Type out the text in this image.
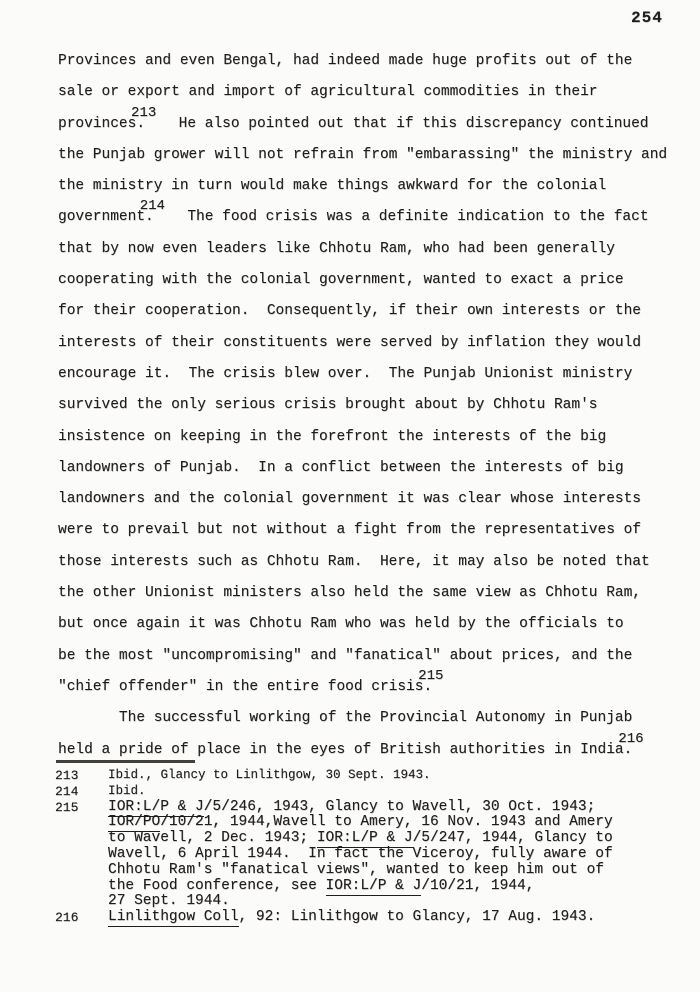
254
Provinces and even Bengal, had indeed made huge profits out of the
sale or export and import of agricultural commodities in their
provinces.213  He also pointed out that if this discrepancy continued
the Punjab grower will not refrain from "embarassing" the ministry and
the ministry in turn would make things awkward for the colonial
government.214  The food crisis was a definite indication to the fact
that by now even leaders like Chhotu Ram, who had been generally
cooperating with the colonial government, wanted to exact a price
for their cooperation.  Consequently, if their own interests or the
interests of their constituents were served by inflation they would
encourage it.  The crisis blew over.  The Punjab Unionist ministry
survived the only serious crisis brought about by Chhotu Ram's
insistence on keeping in the forefront the interests of the big
landowners of Punjab.  In a conflict between the interests of big
landowners and the colonial government it was clear whose interests
were to prevail but not without a fight from the representatives of
those interests such as Chhotu Ram.  Here, it may also be noted that
the other Unionist ministers also held the same view as Chhotu Ram,
but once again it was Chhotu Ram who was held by the officials to
be the most "uncompromising" and "fanatical" about prices, and the
"chief offender" in the entire food crisis.215
The successful working of the Provincial Autonomy in Punjab
held a pride of place in the eyes of British authorities in India.216
213	Ibid., Glancy to Linlithgow, 30 Sept. 1943.
214	Ibid.
215	IOR:L/P & J/5/246, 1943, Glancy to Wavell, 30 Oct. 1943;
IOR/PO/10/21, 1944,Wavell to Amery, 16 Nov. 1943 and Amery
to Wavell, 2 Dec. 1943; IOR:L/P & J/5/247, 1944, Glancy to
Wavell, 6 April 1944.  In fact the Viceroy, fully aware of
Chhotu Ram's "fanatical views", wanted to keep him out of
the Food conference, see IOR:L/P & J/10/21, 1944,
27 Sept. 1944.
216	Linlithgow Coll, 92: Linlithgow to Glancy, 17 Aug. 1943.
